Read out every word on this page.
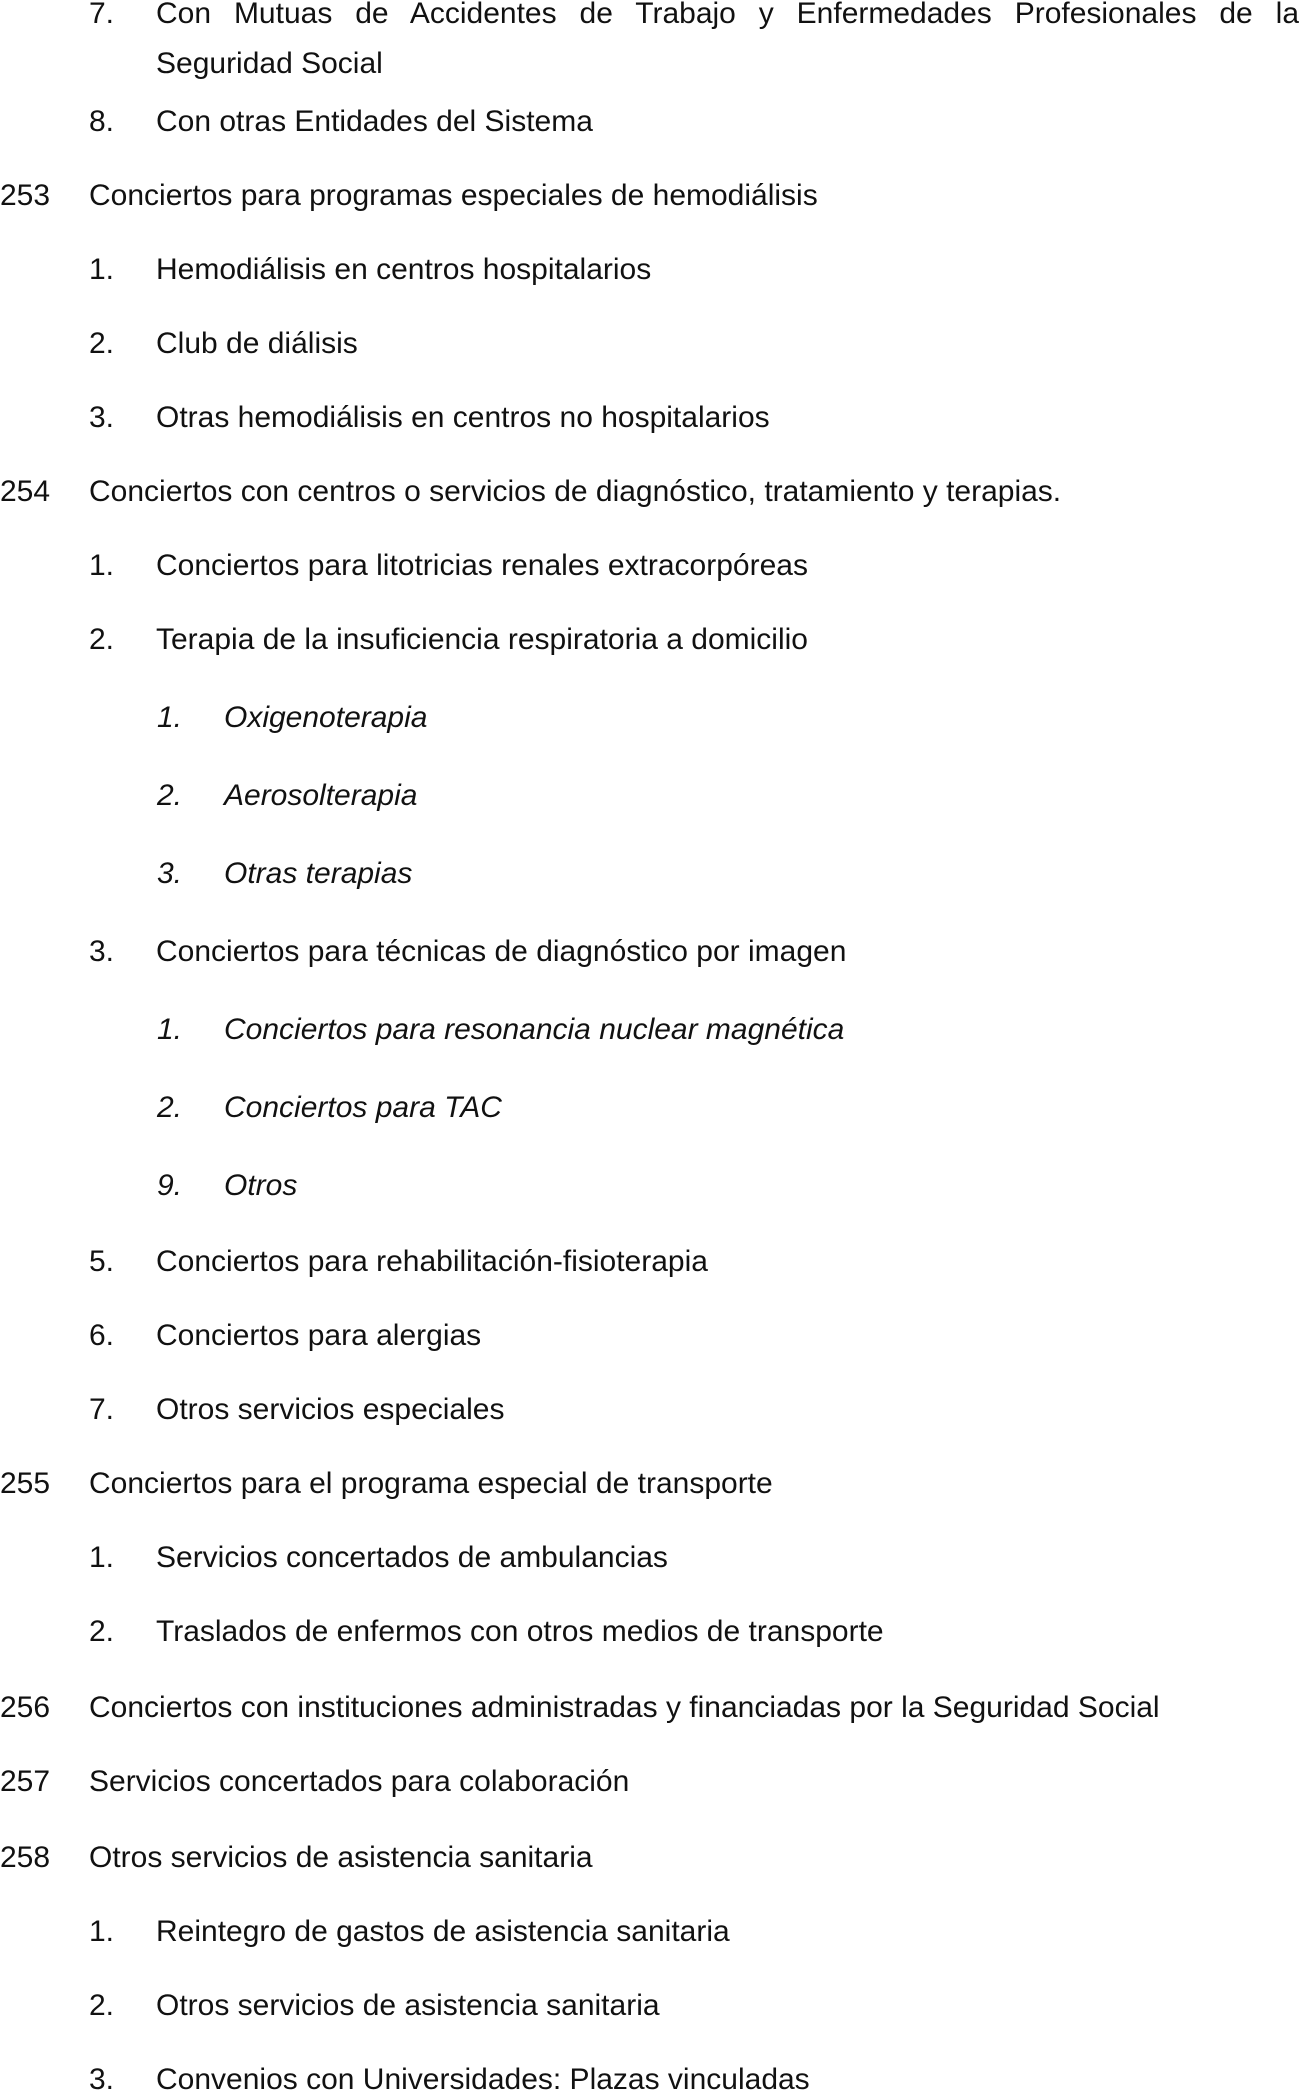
7. Con Mutuas de Accidentes de Trabajo y Enfermedades Profesionales de la
Seguridad Social
8. Con otras Entidades del Sistema
253 Conciertos para programas especiales de hemodiálisis
1. Hemodiálisis en centros hospitalarios
2. Club de diálisis
3. Otras hemodiálisis en centros no hospitalarios
254 Conciertos con centros o servicios de diagnóstico, tratamiento y terapias.
1. Conciertos para litotricias renales extracorpóreas
2. Terapia de la insuficiencia respiratoria a domicilio
1. Oxigenoterapia
2. Aerosolterapia
3. Otras terapias
3. Conciertos para técnicas de diagnóstico por imagen
1. Conciertos para resonancia nuclear magnética
2. Conciertos para TAC
9. Otros
5. Conciertos para rehabilitación-fisioterapia
6. Conciertos para alergias
7. Otros servicios especiales
255 Conciertos para el programa especial de transporte
1. Servicios concertados de ambulancias
2. Traslados de enfermos con otros medios de transporte
256 Conciertos con instituciones administradas y financiadas por la Seguridad Social
257 Servicios concertados para colaboración
258 Otros servicios de asistencia sanitaria
1. Reintegro de gastos de asistencia sanitaria
2. Otros servicios de asistencia sanitaria
3. Convenios con Universidades: Plazas vinculadas
